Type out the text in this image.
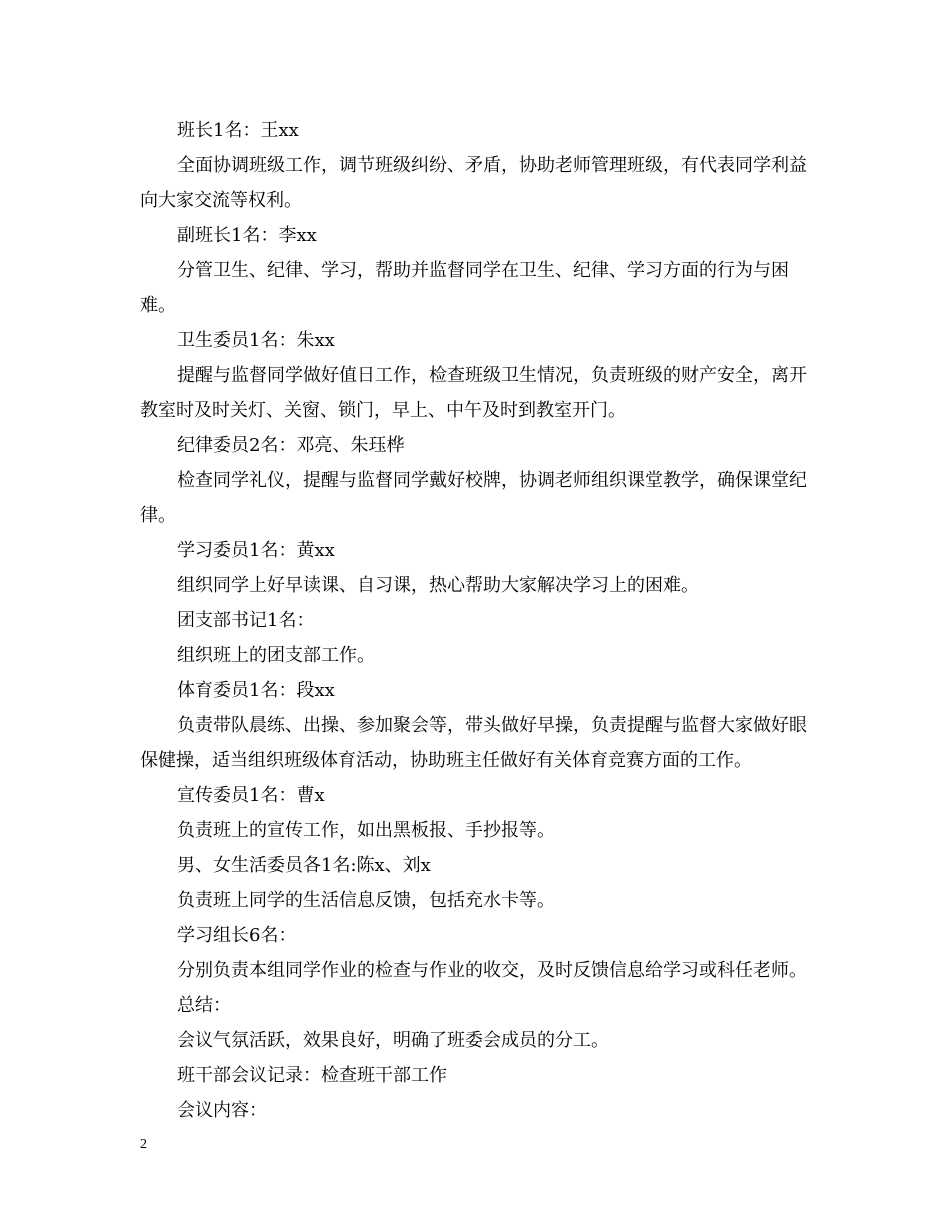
班长1名：王xx

全面协调班级工作，调节班级纠纷、矛盾，协助老师管理班级，有代表同学利益向大家交流等权利。

副班长1名：李xx

分管卫生、纪律、学习，帮助并监督同学在卫生、纪律、学习方面的行为与困难。

卫生委员1名：朱xx

提醒与监督同学做好值日工作，检查班级卫生情况，负责班级的财产安全，离开教室时及时关灯、关窗、锁门，早上、中午及时到教室开门。

纪律委员2名：邓亮、朱珏桦

检查同学礼仪，提醒与监督同学戴好校牌，协调老师组织课堂教学，确保课堂纪律。

学习委员1名：黄xx

组织同学上好早读课、自习课，热心帮助大家解决学习上的困难。

团支部书记1名：

组织班上的团支部工作。

体育委员1名：段xx

负责带队晨练、出操、参加聚会等，带头做好早操，负责提醒与监督大家做好眼保健操，适当组织班级体育活动，协助班主任做好有关体育竞赛方面的工作。

宣传委员1名：曹x

负责班上的宣传工作，如出黑板报、手抄报等。

男、女生活委员各1名:陈x、刘x

负责班上同学的生活信息反馈，包括充水卡等。

学习组长6名：

分别负责本组同学作业的检查与作业的收交，及时反馈信息给学习或科任老师。

总结：

会议气氛活跃，效果良好，明确了班委会成员的分工。

班干部会议记录：检查班干部工作

会议内容：

2
